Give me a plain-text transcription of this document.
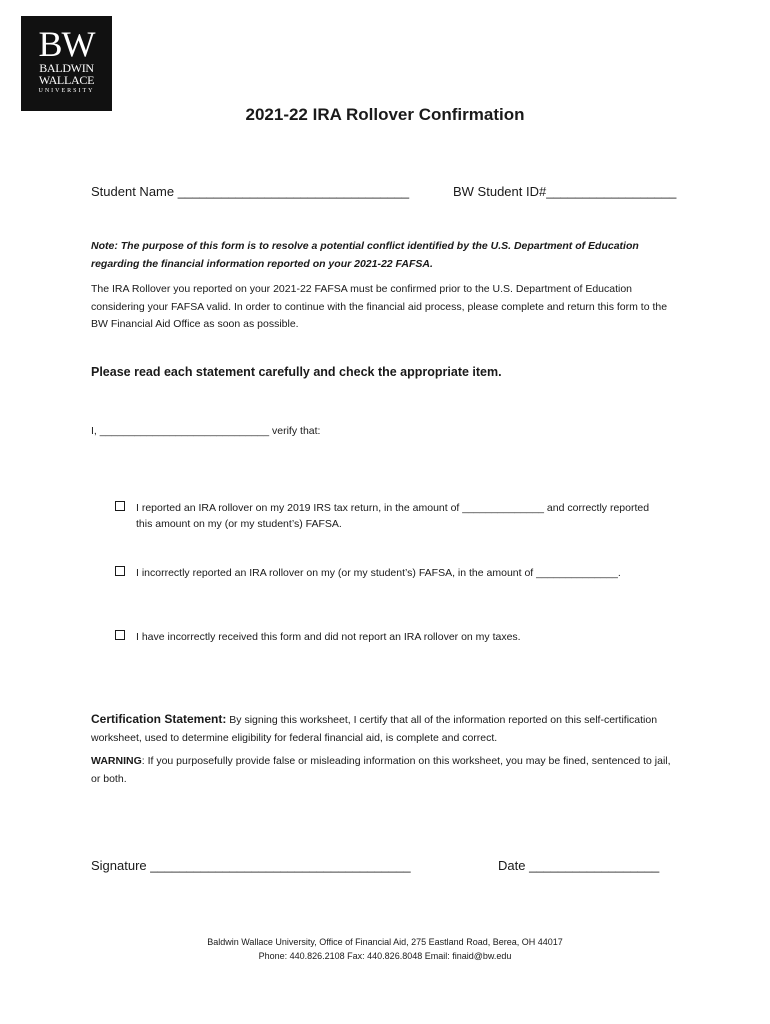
BW
BALDWIN
WALLACE
UNIVERSITY
2021-22 IRA Rollover Confirmation
Student Name ________________________________	BW Student ID#__________________
Note: The purpose of this form is to resolve a potential conflict identified by the U.S. Department of Education regarding the financial information reported on your 2021-22 FAFSA.
The IRA Rollover you reported on your 2021-22 FAFSA must be confirmed prior to the U.S. Department of Education considering your FAFSA valid. In order to continue with the financial aid process, please complete and return this form to the BW Financial Aid Office as soon as possible.
Please read each statement carefully and check the appropriate item.
I, _____________________________ verify that:
I reported an IRA rollover on my 2019 IRS tax return, in the amount of ______________ and correctly reported this amount on my (or my student’s) FAFSA.
I incorrectly reported an IRA rollover on my (or my student’s) FAFSA, in the amount of ______________.
I have incorrectly received this form and did not report an IRA rollover on my taxes.
Certification Statement: By signing this worksheet, I certify that all of the information reported on this self-certification worksheet, used to determine eligibility for federal financial aid, is complete and correct.
WARNING: If you purposefully provide false or misleading information on this worksheet, you may be fined, sentenced to jail, or both.
Signature ____________________________________	Date __________________
Baldwin Wallace University, Office of Financial Aid, 275 Eastland Road, Berea, OH 44017
Phone: 440.826.2108 Fax: 440.826.8048 Email: finaid@bw.edu
